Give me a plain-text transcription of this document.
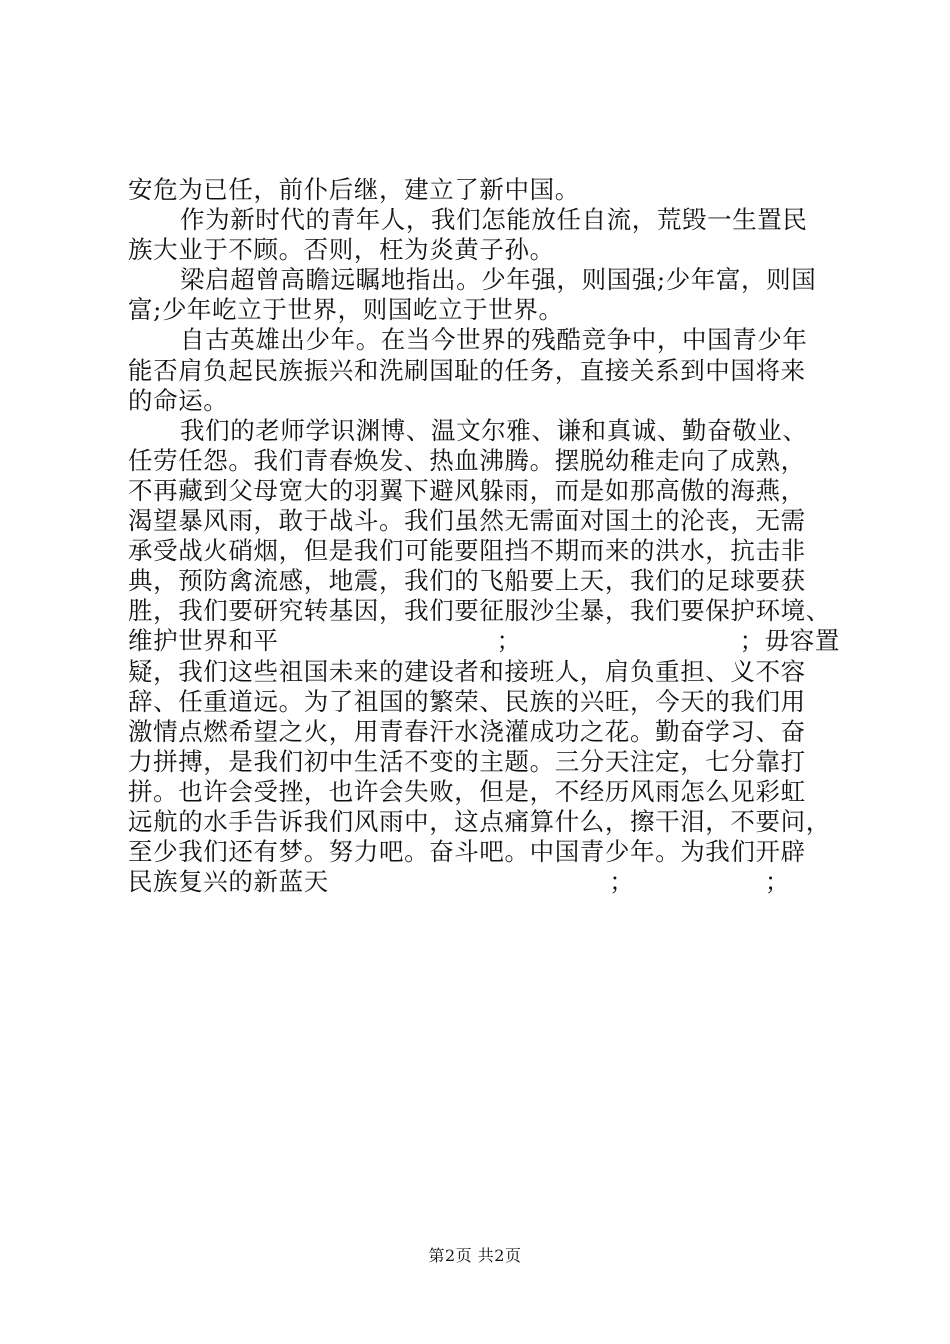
安危为已任，前仆后继，建立了新中国。
作为新时代的青年人，我们怎能放任自流，荒毁一生置民
族大业于不顾。否则，枉为炎黄子孙。
梁启超曾高瞻远瞩地指出。少年强，则国强;少年富，则国
富;少年屹立于世界，则国屹立于世界。
自古英雄出少年。在当今世界的残酷竞争中，中国青少年
能否肩负起民族振兴和洗刷国耻的任务，直接关系到中国将来
的命运。
我们的老师学识渊博、温文尔雅、谦和真诚、勤奋敬业、
任劳任怨。我们青春焕发、热血沸腾。摆脱幼稚走向了成熟，
不再藏到父母宽大的羽翼下避风躲雨，而是如那高傲的海燕，
渴望暴风雨，敢于战斗。我们虽然无需面对国土的沦丧，无需
承受战火硝烟，但是我们可能要阻挡不期而来的洪水，抗击非
典，预防禽流感，地震，我们的飞船要上天，我们的足球要获
胜，我们要研究转基因，我们要征服沙尘暴，我们要保护环境、
维护世界和平	；	；毋容置
疑，我们这些祖国未来的建设者和接班人，肩负重担、义不容
辞、任重道远。为了祖国的繁荣、民族的兴旺，今天的我们用
激情点燃希望之火，用青春汗水浇灌成功之花。勤奋学习、奋
力拼搏，是我们初中生活不变的主题。三分天注定，七分靠打
拼。也许会受挫，也许会失败，但是，不经历风雨怎么见彩虹
远航的水手告诉我们风雨中，这点痛算什么，擦干泪，不要问，
至少我们还有梦。努力吧。奋斗吧。中国青少年。为我们开辟
民族复兴的新蓝天	；	；
第2页 共2页
